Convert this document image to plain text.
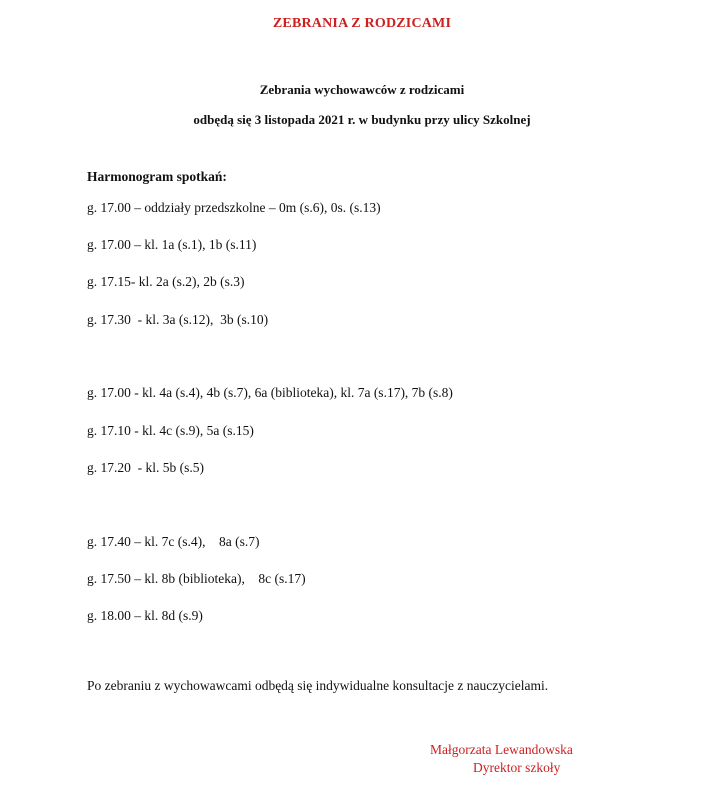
ZEBRANIA Z RODZICAMI
Zebrania wychowawców z rodzicami
odbędą się 3 listopada 2021 r. w budynku przy ulicy Szkolnej
Harmonogram spotkań:
g. 17.00 – oddziały przedszkolne – 0m (s.6), 0s. (s.13)
g. 17.00 – kl. 1a (s.1), 1b (s.11)
g. 17.15- kl. 2a (s.2), 2b (s.3)
g. 17.30  - kl. 3a (s.12),  3b (s.10)
g. 17.00 - kl. 4a (s.4), 4b (s.7), 6a (biblioteka), kl. 7a (s.17), 7b (s.8)
g. 17.10 - kl. 4c (s.9), 5a (s.15)
g. 17.20  - kl. 5b (s.5)
g. 17.40 – kl. 7c (s.4),    8a (s.7)
g. 17.50 – kl. 8b (biblioteka),    8c (s.17)
g. 18.00 – kl. 8d (s.9)
Po zebraniu z wychowawcami odbędą się indywidualne konsultacje z nauczycielami.
Małgorzata Lewandowska
Dyrektor szkoły
